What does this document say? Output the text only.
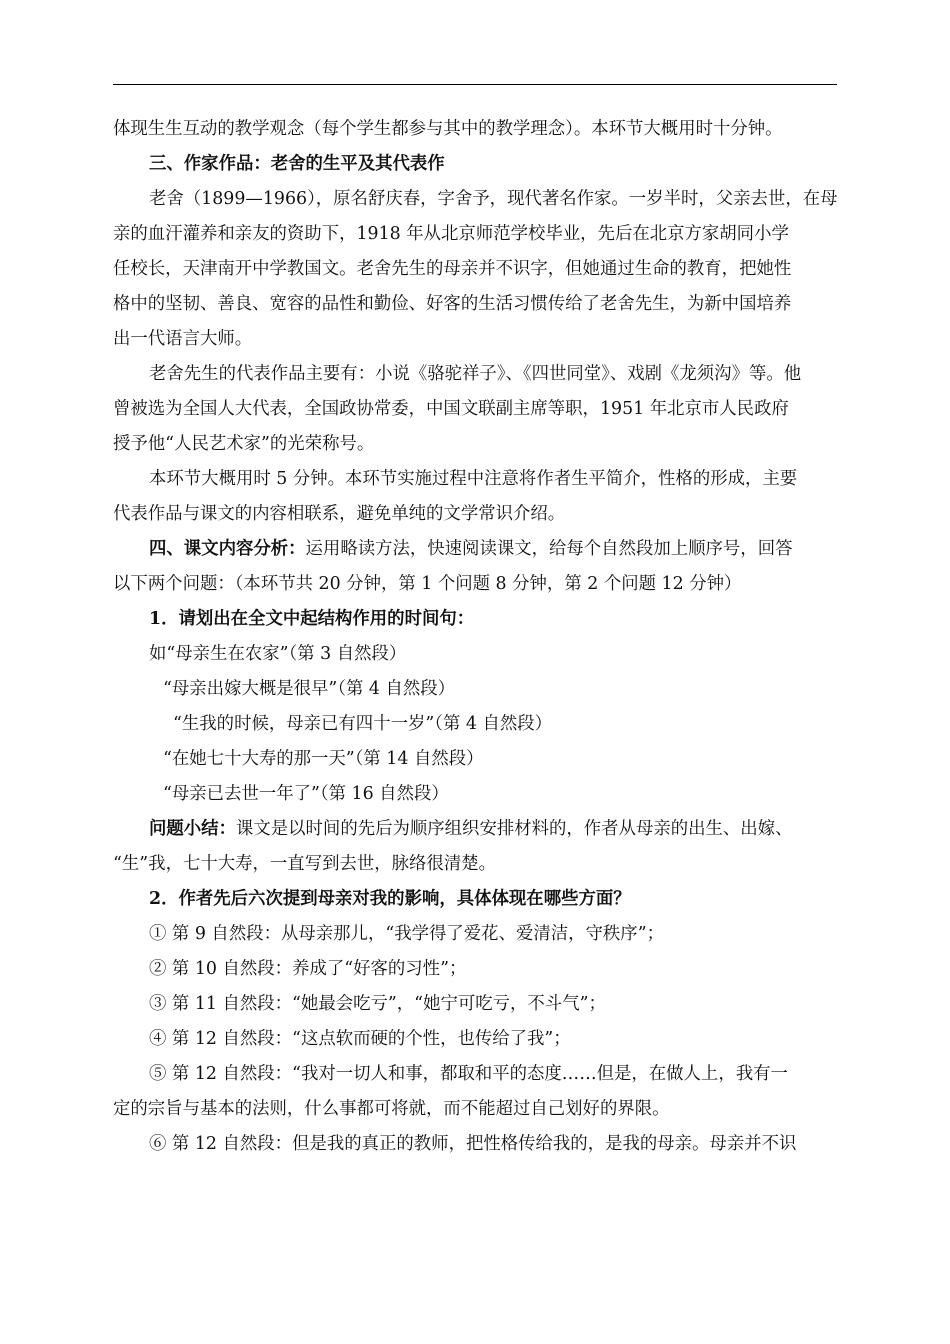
体现生生互动的教学观念（每个学生都参与其中的教学理念）。本环节大概用时十分钟。

三、作家作品：老舍的生平及其代表作

老舍（1899—1966），原名舒庆春，字舍予，现代著名作家。一岁半时，父亲去世，在母

亲的血汗灌养和亲友的资助下，1918 年从北京师范学校毕业，先后在北京方家胡同小学

任校长，天津南开中学教国文。老舍先生的母亲并不识字，但她通过生命的教育，把她性

格中的坚韧、善良、宽容的品性和勤俭、好客的生活习惯传给了老舍先生，为新中国培养

出一代语言大师。

老舍先生的代表作品主要有：小说《骆驼祥子》、《四世同堂》、戏剧《龙须沟》等。他

曾被选为全国人大代表，全国政协常委，中国文联副主席等职，1951 年北京市人民政府

授予他“人民艺术家”的光荣称号。

本环节大概用时 5 分钟。本环节实施过程中注意将作者生平简介，性格的形成，主要

代表作品与课文的内容相联系，避免单纯的文学常识介绍。

四、课文内容分析：运用略读方法，快速阅读课文，给每个自然段加上顺序号，回答

以下两个问题：（本环节共 20 分钟，第 1 个问题 8 分钟，第 2 个问题 12 分钟）

1．请划出在全文中起结构作用的时间句：

如“母亲生在农家”（第 3 自然段）

“母亲出嫁大概是很早”（第 4 自然段）

“生我的时候，母亲已有四十一岁”（第 4 自然段）

“在她七十大寿的那一天”（第 14 自然段）

“母亲已去世一年了”（第 16 自然段）

问题小结：课文是以时间的先后为顺序组织安排材料的，作者从母亲的出生、出嫁、

“生”我，七十大寿，一直写到去世，脉络很清楚。

2．作者先后六次提到母亲对我的影响，具体体现在哪些方面？

① 第 9 自然段：从母亲那儿，“我学得了爱花、爱清洁，守秩序”；

② 第 10 自然段：养成了“好客的习性”；

③ 第 11 自然段：“她最会吃亏”，“她宁可吃亏，不斗气”；

④ 第 12 自然段：“这点软而硬的个性，也传给了我”；

⑤ 第 12 自然段：“我对一切人和事，都取和平的态度……但是，在做人上，我有一

定的宗旨与基本的法则，什么事都可将就，而不能超过自己划好的界限。

⑥ 第 12 自然段：但是我的真正的教师，把性格传给我的，是我的母亲。母亲并不识
